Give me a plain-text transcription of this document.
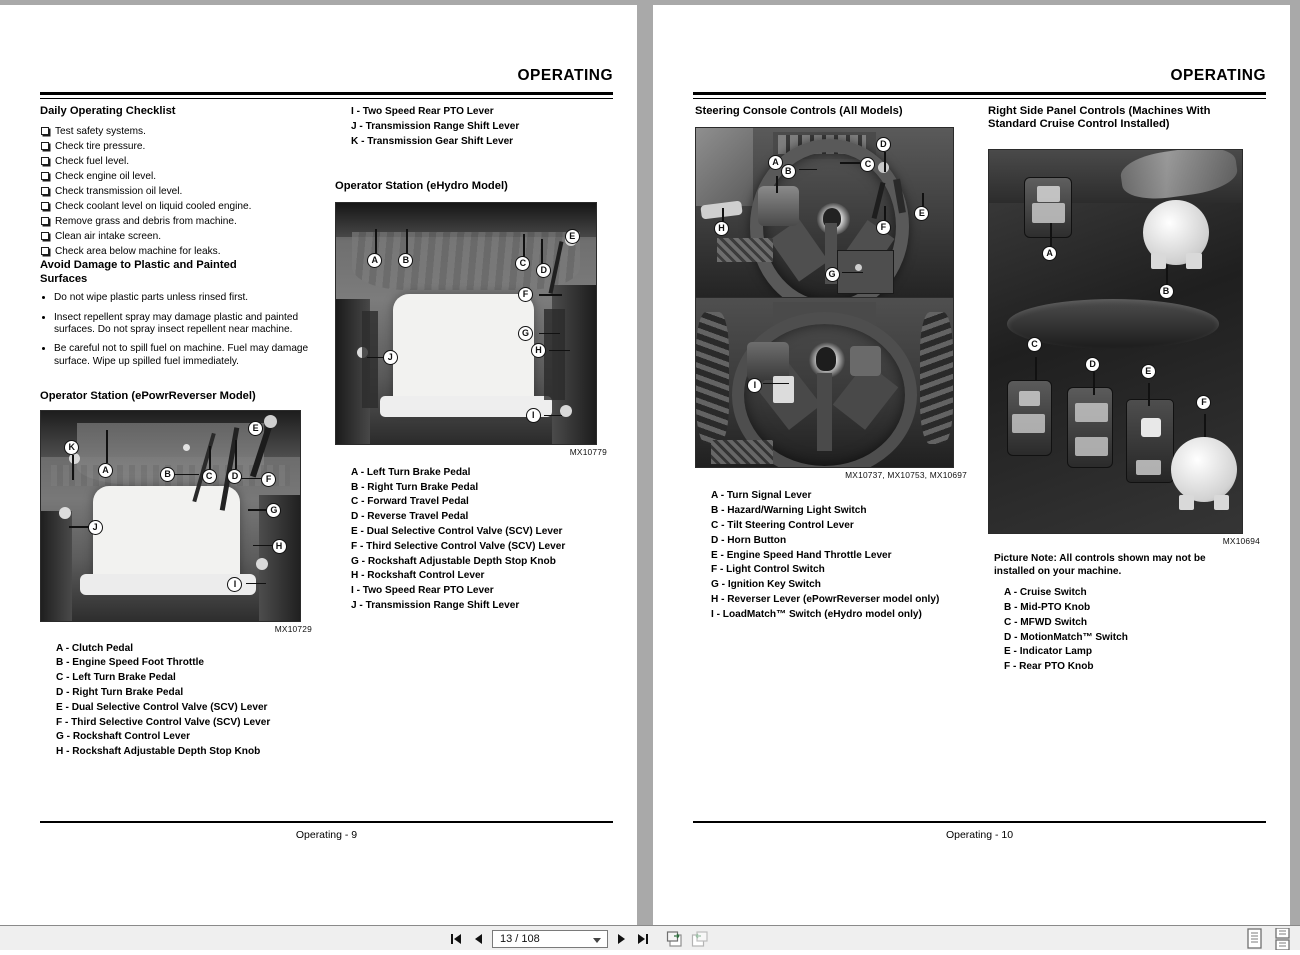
OPERATING
Daily Operating Checklist
Test safety systems.
Check tire pressure.
Check fuel level.
Check engine oil level.
Check transmission oil level.
Check coolant level on liquid cooled engine.
Remove grass and debris from machine.
Clean air intake screen.
Check area below machine for leaks.
Avoid Damage to Plastic and Painted Surfaces
Do not wipe plastic parts unless rinsed first.
Insect repellent spray may damage plastic and painted surfaces. Do not spray insect repellent near machine.
Be careful not to spill fuel on machine. Fuel may damage surface. Wipe up spilled fuel immediately.
Operator Station (ePowrReverser Model)
A	B	C	D
E
F
G
H
I
J
K
MX10729
A - Clutch Pedal
B - Engine Speed Foot Throttle
C - Left Turn Brake Pedal
D - Right Turn Brake Pedal
E - Dual Selective Control Valve (SCV) Lever
F - Third Selective Control Valve (SCV) Lever
G - Rockshaft Control Lever
H - Rockshaft Adjustable Depth Stop Knob
I - Two Speed Rear PTO Lever
J - Transmission Range Shift Lever
K - Transmission Gear Shift Lever
Operator Station (eHydro Model)
A	B	C
D
E
F
G
H
I
J
MX10779
A - Left Turn Brake Pedal
B - Right Turn Brake Pedal
C - Forward Travel Pedal
D - Reverse Travel Pedal
E - Dual Selective Control Valve (SCV) Lever
F - Third Selective Control Valve (SCV) Lever
G - Rockshaft Adjustable Depth Stop Knob
H - Rockshaft Control Lever
I - Two Speed Rear PTO Lever
J - Transmission Range Shift Lever
Operating - 9
OPERATING
Steering Console Controls (All Models)
A
B
C
D
E
F
G
H
I
MX10737, MX10753, MX10697
A - Turn Signal Lever
B - Hazard/Warning Light Switch
C - Tilt Steering Control Lever
D - Horn Button
E - Engine Speed Hand Throttle Lever
F - Light Control Switch
G - Ignition Key Switch
H - Reverser Lever (ePowrReverser model only)
I - LoadMatch™ Switch (eHydro model only)
Right Side Panel Controls (Machines With Standard Cruise Control Installed)
A
B
C
D
E
F
MX10694
Picture Note: All controls shown may not be installed on your machine.
A - Cruise Switch
B - Mid-PTO Knob
C - MFWD Switch
D - MotionMatch™ Switch
E - Indicator Lamp
F - Rear PTO Knob
Operating - 10
13 / 108
